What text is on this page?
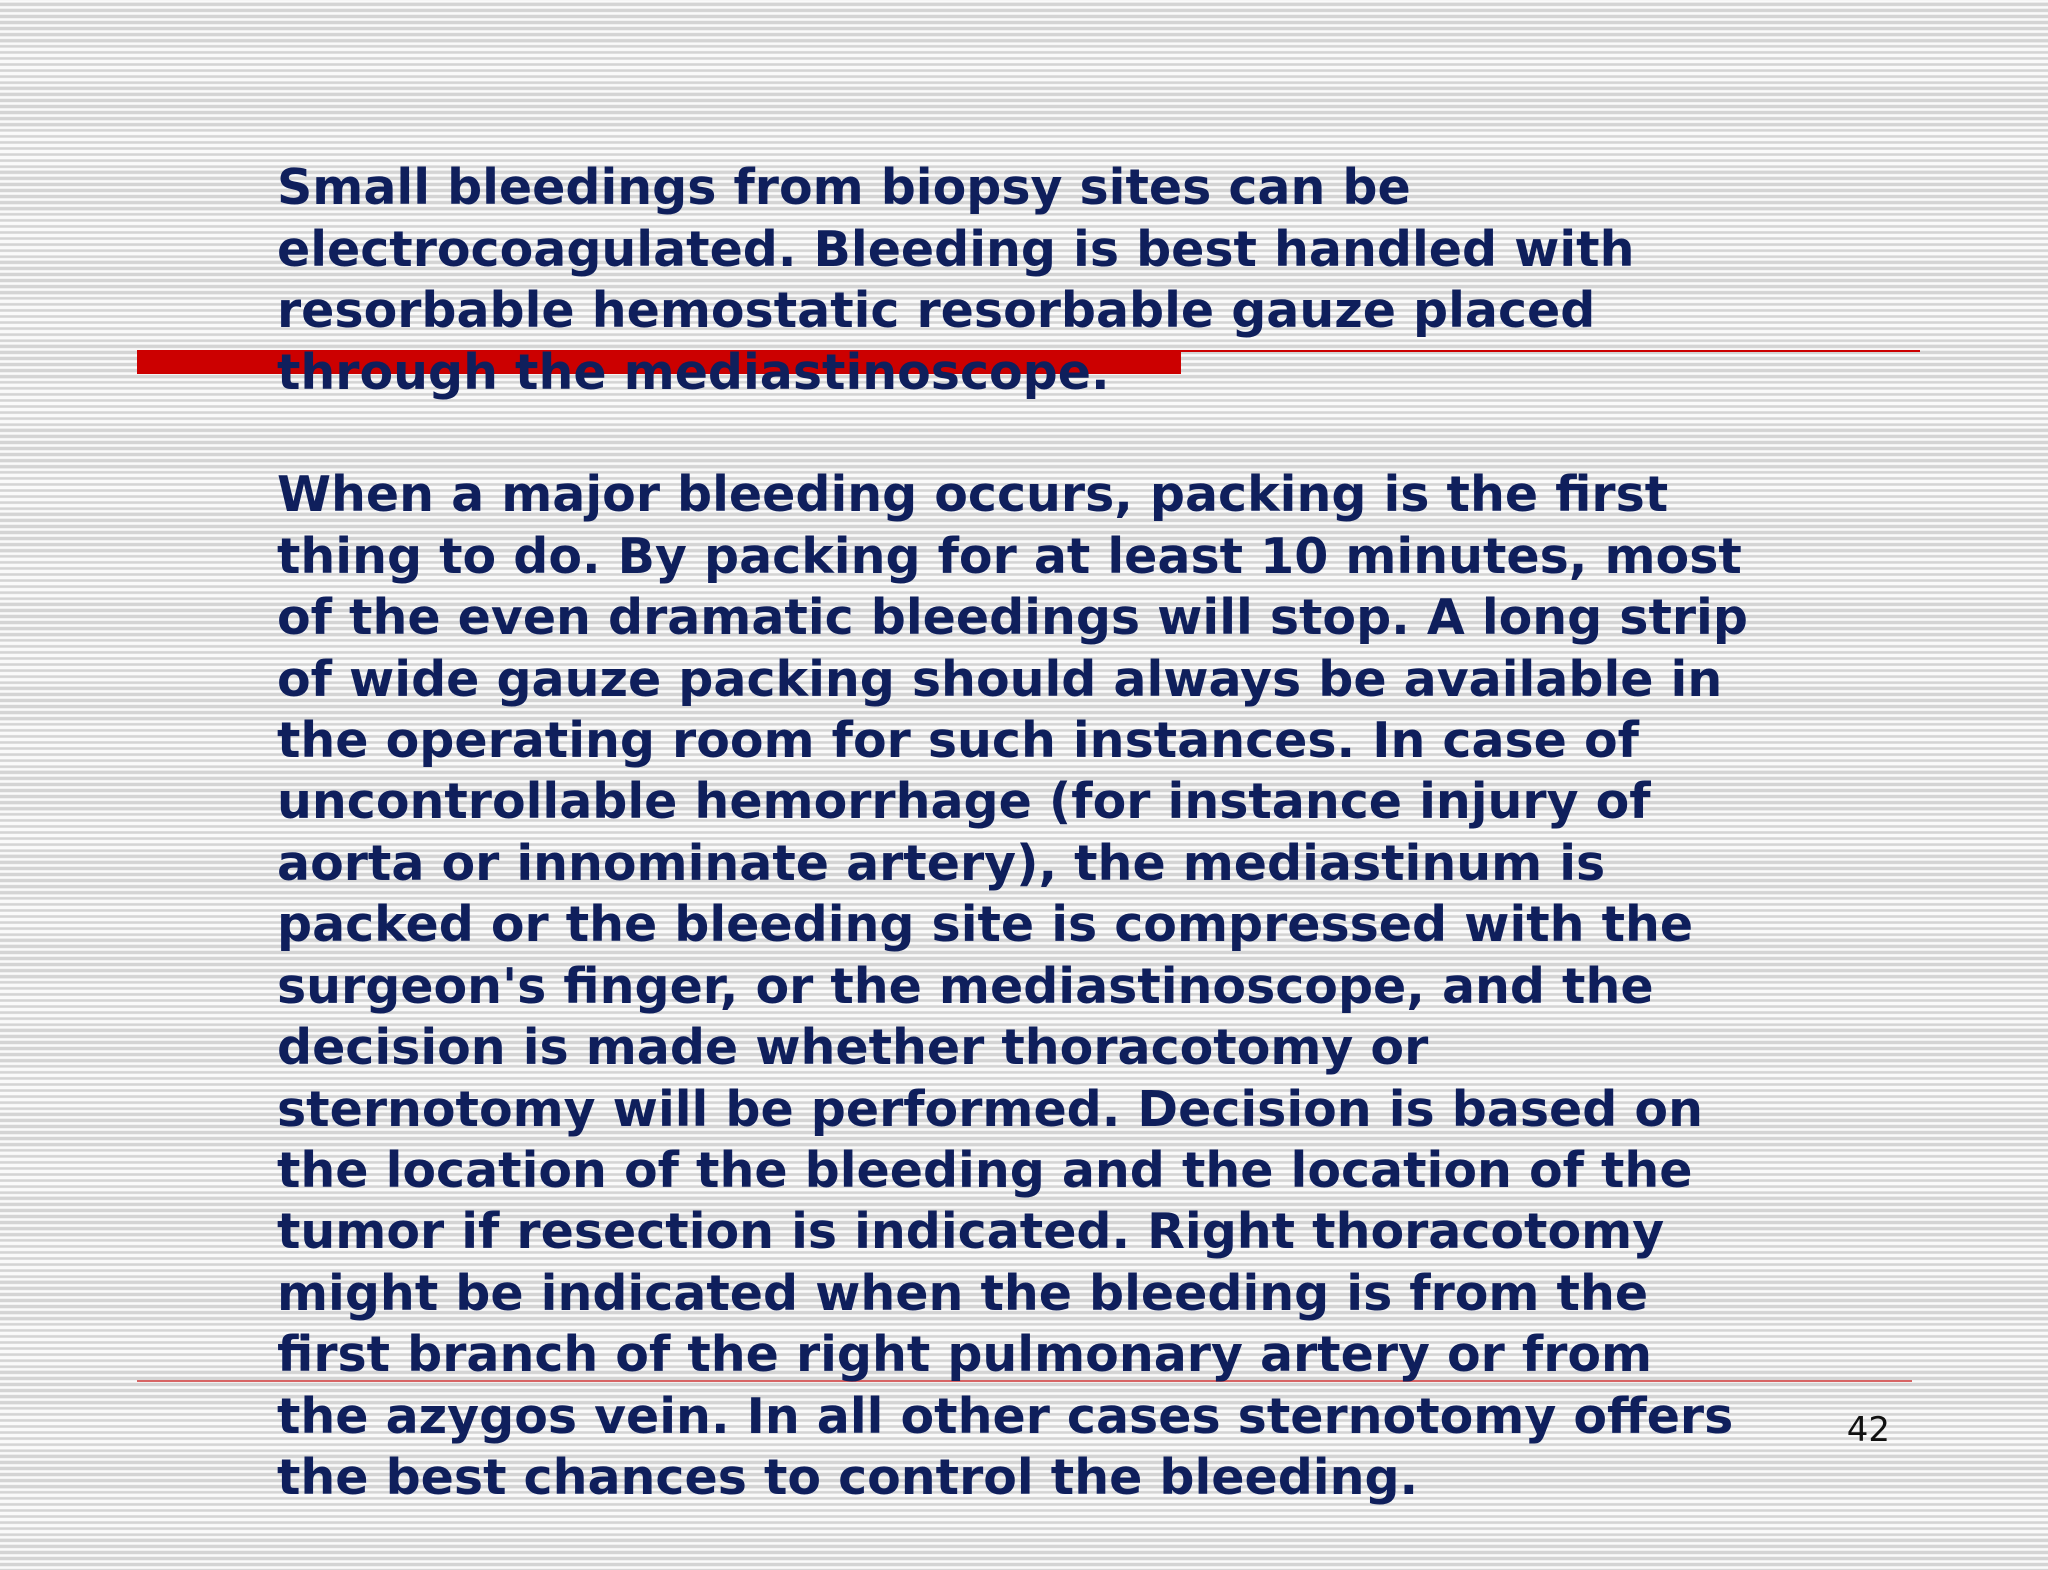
Small bleedings from biopsy sites can be
electrocoagulated. Bleeding is best handled with
resorbable hemostatic resorbable gauze placed
through the mediastinoscope.

When a major bleeding occurs, packing is the first
thing to do. By packing for at least 10 minutes, most
of the even dramatic bleedings will stop. A long strip
of wide gauze packing should always be available in
the operating room for such instances. In case of
uncontrollable hemorrhage (for instance injury of
aorta or innominate artery), the mediastinum is
packed or the bleeding site is compressed with the
surgeon's finger, or the mediastinoscope, and the
decision is made whether thoracotomy or
sternotomy will be performed. Decision is based on
the location of the bleeding and the location of the
tumor if resection is indicated. Right thoracotomy
might be indicated when the bleeding is from the
first branch of the right pulmonary artery or from
the azygos vein. In all other cases sternotomy offers
the best chances to control the bleeding.

42
